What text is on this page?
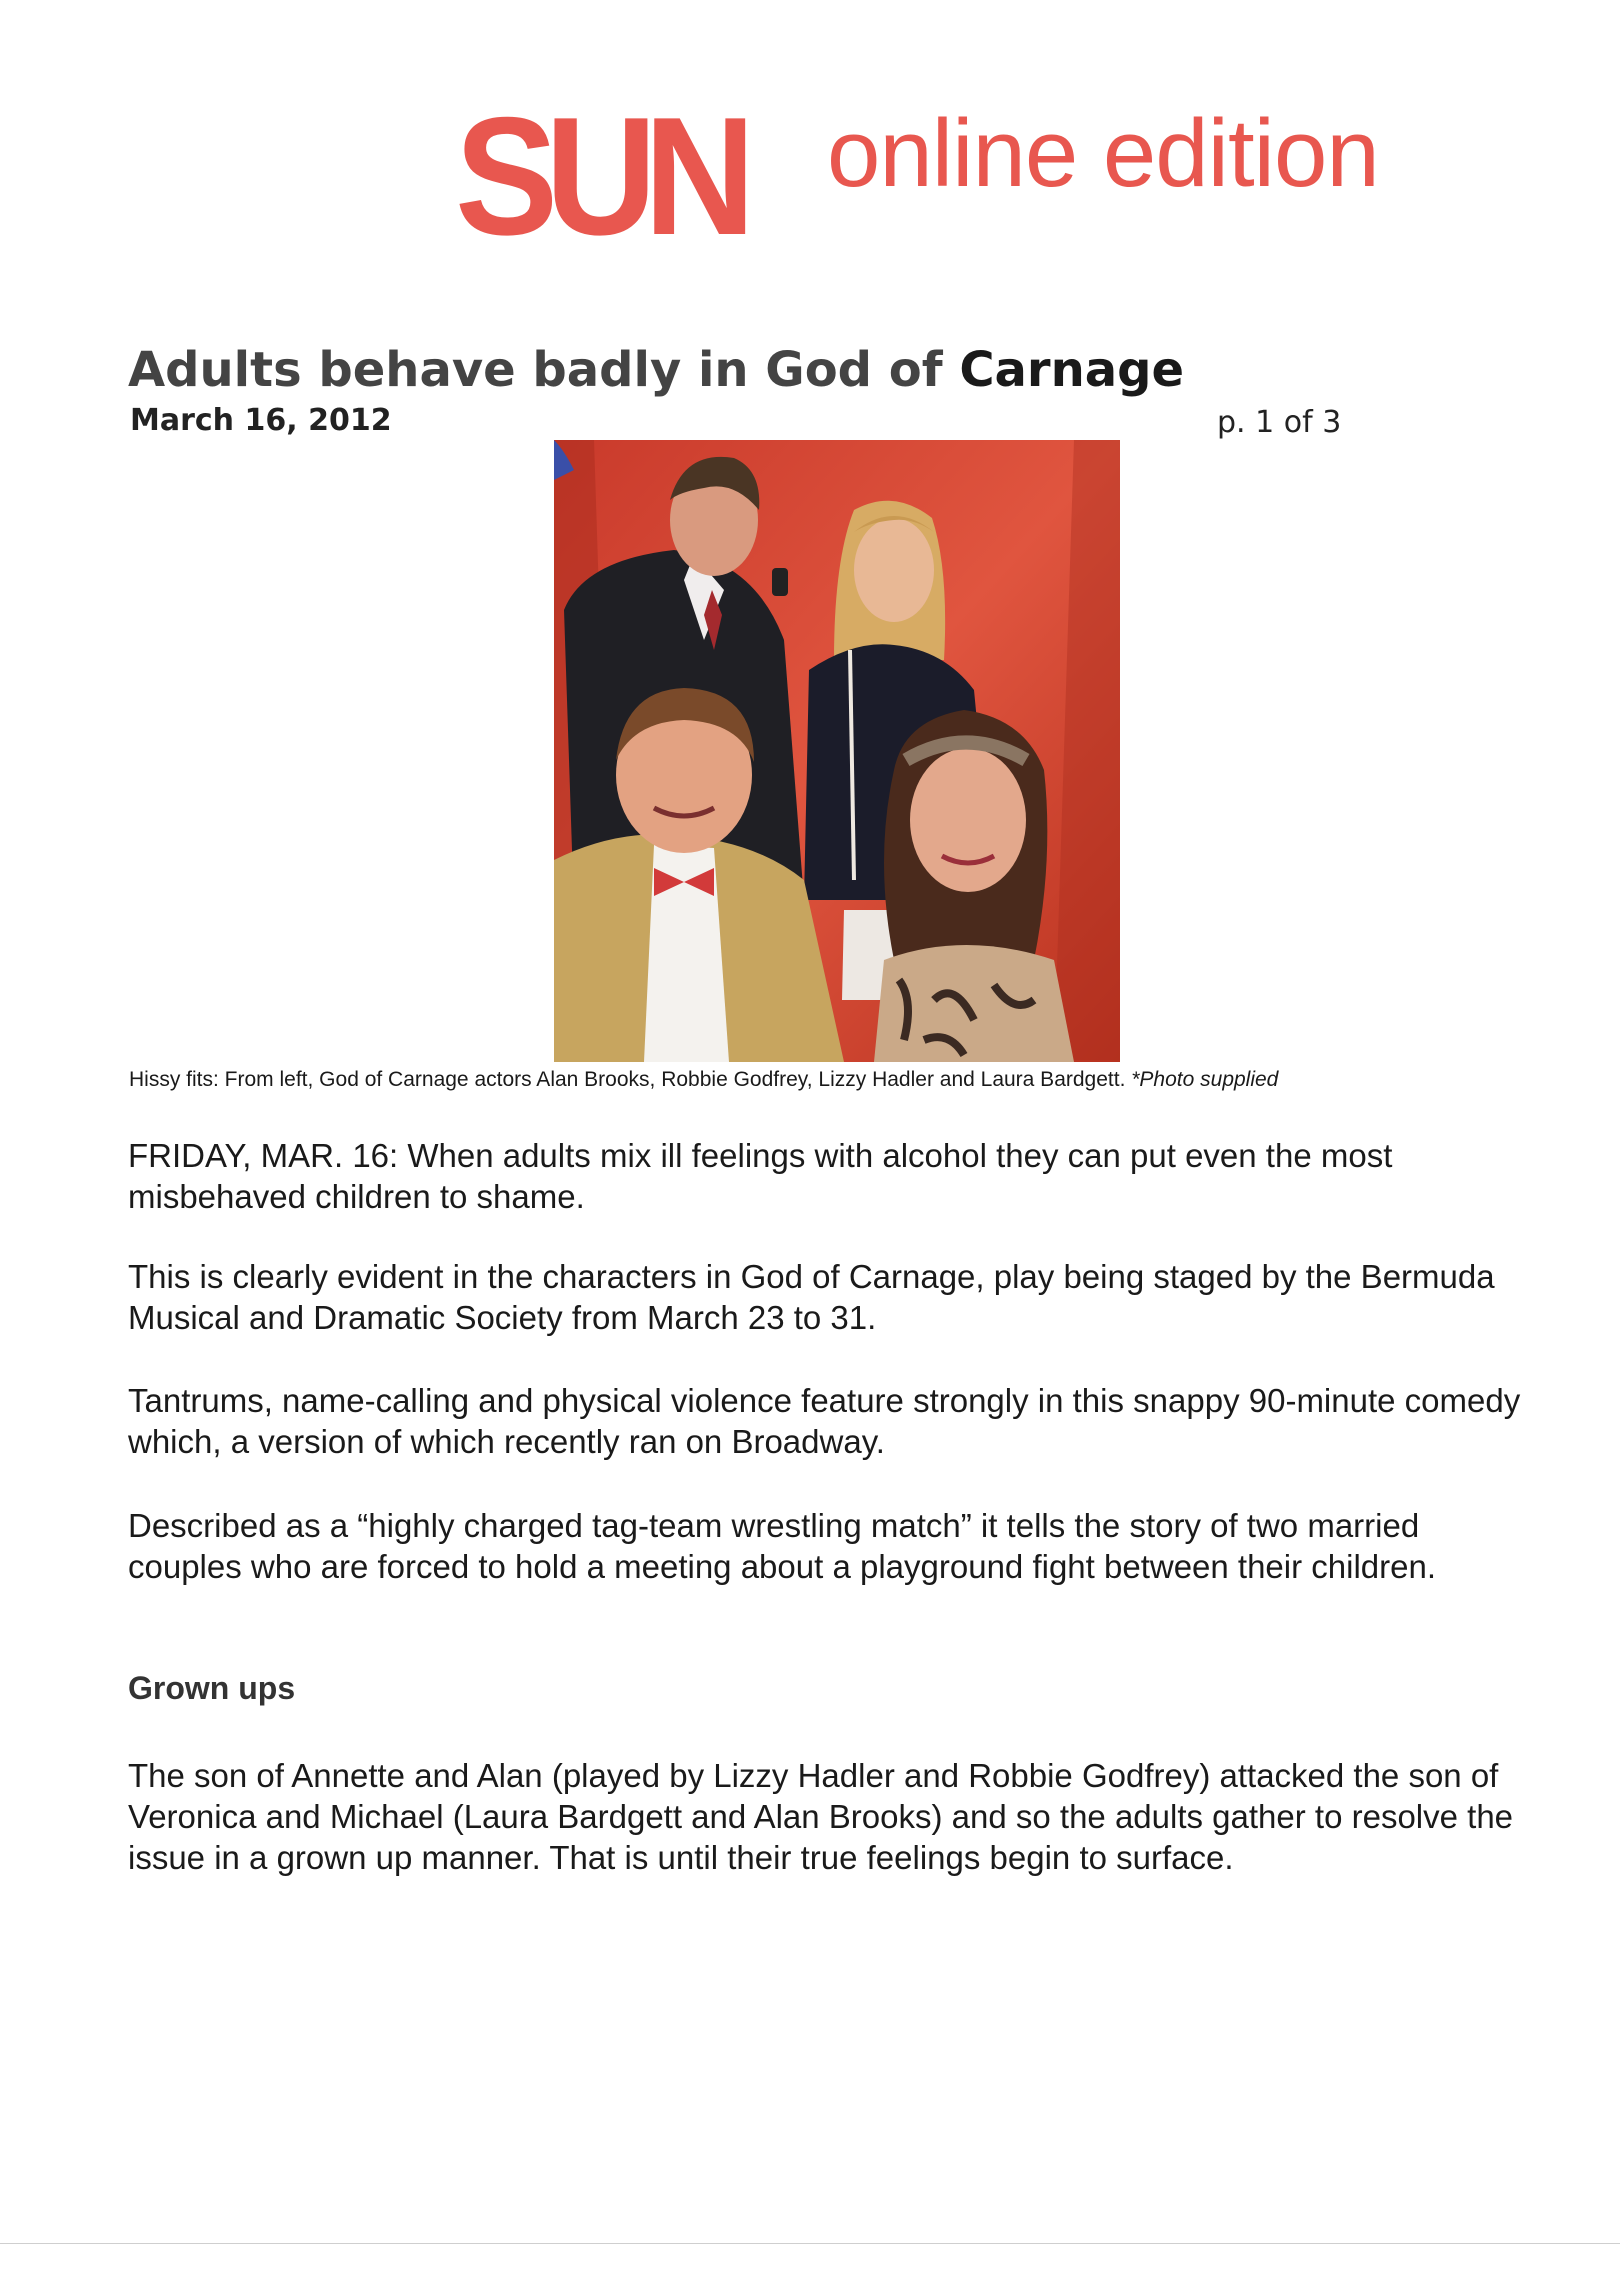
SUN online edition
Adults behave badly in God of Carnage
March 16, 2012	p. 1 of 3
Hissy fits: From left, God of Carnage actors Alan Brooks, Robbie Godfrey, Lizzy Hadler and Laura Bardgett. *Photo supplied

FRIDAY, MAR. 16: When adults mix ill feelings with alcohol they can put even the most misbehaved children to shame.

This is clearly evident in the characters in God of Carnage, play being staged by the Bermuda Musical and Dramatic Society from March 23 to 31.

Tantrums, name-calling and physical violence feature strongly in this snappy 90-minute comedy which, a version of which recently ran on Broadway.

Described as a “highly charged tag-team wrestling match” it tells the story of two married couples who are forced to hold a meeting about a playground fight between their children.

Grown ups

The son of Annette and Alan (played by Lizzy Hadler and Robbie Godfrey) attacked the son of Veronica and Michael (Laura Bardgett and Alan Brooks) and so the adults gather to resolve the issue in a grown up manner. That is until their true feelings begin to surface.
